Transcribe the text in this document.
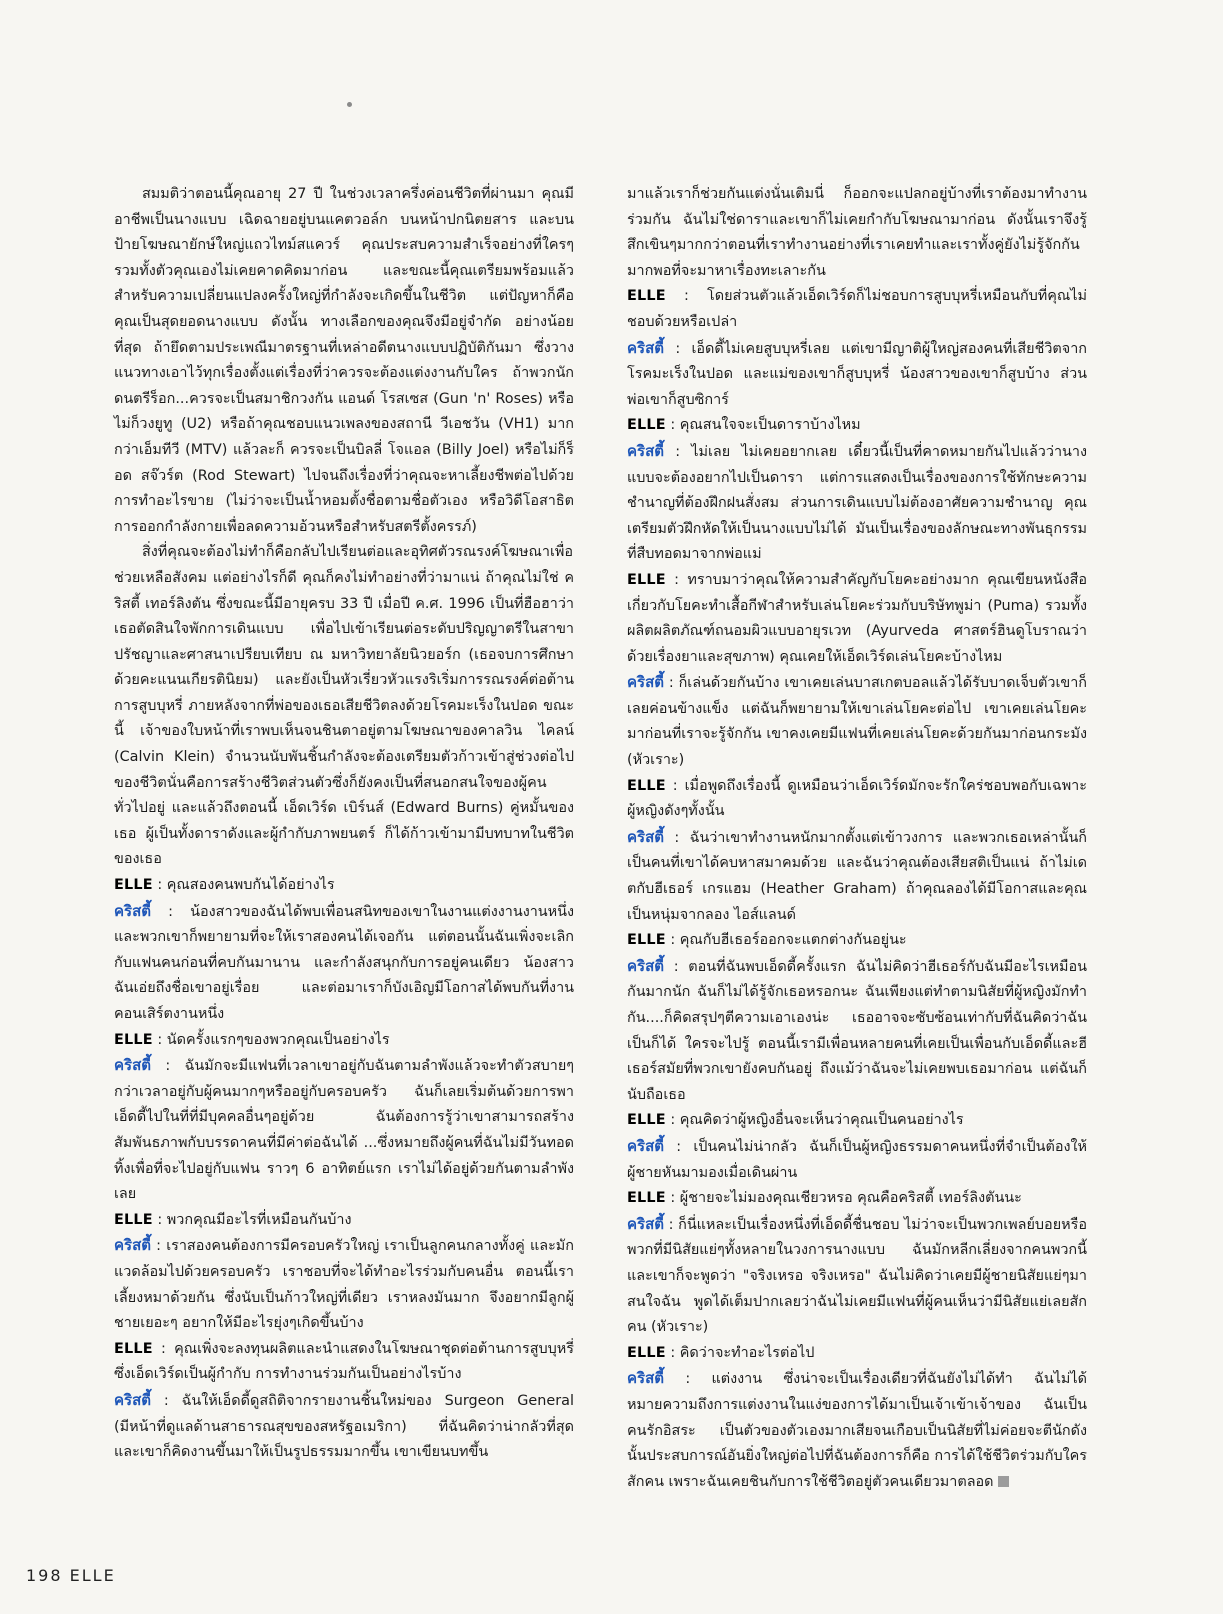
สมมติว่าตอนนี้คุณอายุ 27 ปี ในช่วงเวลาครึ่งค่อนชีวิตที่ผ่านมา คุณมีอาชีพเป็นนางแบบ เฉิดฉายอยู่บนแคตวอล์ก บนหน้าปกนิตยสาร และบนป้ายโฆษณายักษ์ใหญ่แถวไทม์สแควร์ คุณประสบความสำเร็จอย่างที่ใครๆรวมทั้งตัวคุณเองไม่เคยคาดคิดมาก่อน และขณะนี้คุณเตรียมพร้อมแล้วสำหรับความเปลี่ยนแปลงครั้งใหญ่ที่กำลังจะเกิดขึ้นในชีวิต แต่ปัญหาก็คือ คุณเป็นสุดยอดนางแบบ ดังนั้น ทางเลือกของคุณจึงมีอยู่จำกัด อย่างน้อยที่สุด ถ้ายึดตามประเพณีมาตรฐานที่เหล่าอดีตนางแบบปฏิบัติกันมา ซึ่งวางแนวทางเอาไว้ทุกเรื่องตั้งแต่เรื่องที่ว่าควรจะต้องแต่งงานกับใคร ถ้าพวกนักดนตรีร็อก...ควรจะเป็นสมาชิกวงกัน แอนด์ โรสเซส (Gun 'n' Roses) หรือไม่ก็วงยูทู (U2) หรือถ้าคุณชอบแนวเพลงของสถานี วีเอชวัน (VH1) มากกว่าเอ็มทีวี (MTV) แล้วละก็ ควรจะเป็นบิลลี่ โจแอล (Billy Joel) หรือไม่ก็ร็อด สจ๊วร์ต (Rod Stewart) ไปจนถึงเรื่องที่ว่าคุณจะหาเลี้ยงชีพต่อไปด้วยการทำอะไรขาย (ไม่ว่าจะเป็นน้ำหอมตั้งชื่อตามชื่อตัวเอง หรือวิดีโอสาธิตการออกกำลังกายเพื่อลดความอ้วนหรือสำหรับสตรีตั้งครรภ์)

สิ่งที่คุณจะต้องไม่ทำก็คือกลับไปเรียนต่อและอุทิศตัวรณรงค์โฆษณาเพื่อช่วยเหลือสังคม แต่อย่างไรก็ดี คุณก็คงไม่ทำอย่างที่ว่ามาแน่ ถ้าคุณไม่ใช่ คริสตี้ เทอร์ลิงตัน ซึ่งขณะนี้มีอายุครบ 33 ปี เมื่อปี ค.ศ. 1996 เป็นที่ฮือฮาว่าเธอตัดสินใจพักการเดินแบบ เพื่อไปเข้าเรียนต่อระดับปริญญาตรีในสาขาปรัชญาและศาสนาเปรียบเทียบ ณ มหาวิทยาลัยนิวยอร์ก (เธอจบการศึกษาด้วยคะแนนเกียรตินิยม) และยังเป็นหัวเรี่ยวหัวแรงริเริ่มการรณรงค์ต่อต้านการสูบบุหรี่ ภายหลังจากที่พ่อของเธอเสียชีวิตลงด้วยโรคมะเร็งในปอด ขณะนี้ เจ้าของใบหน้าที่เราพบเห็นจนชินตาอยู่ตามโฆษณาของคาลวิน ไคลน์ (Calvin Klein) จำนวนนับพันชิ้นกำลังจะต้องเตรียมตัวก้าวเข้าสู่ช่วงต่อไปของชีวิตนั่นคือการสร้างชีวิตส่วนตัวซึ่งก็ยังคงเป็นที่สนอกสนใจของผู้คนทั่วไปอยู่ และแล้วถึงตอนนี้ เอ็ดเวิร์ด เบิร์นส์ (Edward Burns) คู่หมั้นของเธอ ผู้เป็นทั้งดาราดังและผู้กำกับภาพยนตร์ ก็ได้ก้าวเข้ามามีบทบาทในชีวิตของเธอ

ELLE : คุณสองคนพบกันได้อย่างไร

คริสตี้ : น้องสาวของฉันได้พบเพื่อนสนิทของเขาในงานแต่งงานงานหนึ่ง และพวกเขาก็พยายามที่จะให้เราสองคนได้เจอกัน แต่ตอนนั้นฉันเพิ่งจะเลิกกับแฟนคนก่อนที่คบกันมานาน และกำลังสนุกกับการอยู่คนเดียว น้องสาวฉันเอ่ยถึงชื่อเขาอยู่เรื่อย และต่อมาเราก็บังเอิญมีโอกาสได้พบกันที่งานคอนเสิร์ตงานหนึ่ง

ELLE : นัดครั้งแรกๆของพวกคุณเป็นอย่างไร

คริสตี้ : ฉันมักจะมีแฟนที่เวลาเขาอยู่กับฉันตามลำพังแล้วจะทำตัวสบายๆกว่าเวลาอยู่กับผู้คนมากๆหรืออยู่กับครอบครัว ฉันก็เลยเริ่มต้นด้วยการพาเอ็ดดี้ไปในที่ที่มีบุคคลอื่นๆอยู่ด้วย ฉันต้องการรู้ว่าเขาสามารถสร้างสัมพันธภาพกับบรรดาคนที่มีค่าต่อฉันได้ ...ซึ่งหมายถึงผู้คนที่ฉันไม่มีวันทอดทิ้งเพื่อที่จะไปอยู่กับแฟน ราวๆ 6 อาทิตย์แรก เราไม่ได้อยู่ด้วยกันตามลำพังเลย

ELLE : พวกคุณมีอะไรที่เหมือนกันบ้าง

คริสตี้ : เราสองคนต้องการมีครอบครัวใหญ่ เราเป็นลูกคนกลางทั้งคู่ และมักแวดล้อมไปด้วยครอบครัว เราชอบที่จะได้ทำอะไรร่วมกับคนอื่น ตอนนี้เราเลี้ยงหมาด้วยกัน ซึ่งนับเป็นก้าวใหญ่ที่เดียว เราหลงมันมาก จึงอยากมีลูกผู้ชายเยอะๆ อยากให้มีอะไรยุ่งๆเกิดขึ้นบ้าง

ELLE : คุณเพิ่งจะลงทุนผลิตและนำแสดงในโฆษณาชุดต่อต้านการสูบบุหรี่ซึ่งเอ็ดเวิร์ดเป็นผู้กำกับ การทำงานร่วมกันเป็นอย่างไรบ้าง

คริสตี้ : ฉันให้เอ็ดดี้ดูสถิติจากรายงานชิ้นใหม่ของ Surgeon General (มีหน้าที่ดูแลด้านสาธารณสุขของสหรัฐอเมริกา) ที่ฉันคิดว่าน่ากลัวที่สุด และเขาก็คิดงานขึ้นมาให้เป็นรูปธรรมมากขึ้น เขาเขียนบทขึ้น

มาแล้วเราก็ช่วยกันแต่งนั่นเติมนี่ ก็ออกจะแปลกอยู่บ้างที่เราต้องมาทำงานร่วมกัน ฉันไม่ใช่ดาราและเขาก็ไม่เคยกำกับโฆษณามาก่อน ดังนั้นเราจึงรู้สึกเขินๆมากกว่าตอนที่เราทำงานอย่างที่เราเคยทำและเราทั้งคู่ยังไม่รู้จักกันมากพอที่จะมาหาเรื่องทะเลาะกัน

ELLE : โดยส่วนตัวแล้วเอ็ดเวิร์ดก็ไม่ชอบการสูบบุหรี่เหมือนกับที่คุณไม่ชอบด้วยหรือเปล่า

คริสตี้ : เอ็ดดี้ไม่เคยสูบบุหรี่เลย แต่เขามีญาติผู้ใหญ่สองคนที่เสียชีวิตจากโรคมะเร็งในปอด และแม่ของเขาก็สูบบุหรี่ น้องสาวของเขาก็สูบบ้าง ส่วนพ่อเขาก็สูบซิการ์

ELLE : คุณสนใจจะเป็นดาราบ้างไหม

คริสตี้ : ไม่เลย ไม่เคยอยากเลย เดี๋ยวนี้เป็นที่คาดหมายกันไปแล้วว่านางแบบจะต้องอยากไปเป็นดารา แต่การแสดงเป็นเรื่องของการใช้ทักษะความชำนาญที่ต้องฝึกฝนสั่งสม ส่วนการเดินแบบไม่ต้องอาศัยความชำนาญ คุณเตรียมตัวฝึกหัดให้เป็นนางแบบไม่ได้ มันเป็นเรื่องของลักษณะทางพันธุกรรมที่สืบทอดมาจากพ่อแม่

ELLE : ทราบมาว่าคุณให้ความสำคัญกับโยคะอย่างมาก คุณเขียนหนังสือเกี่ยวกับโยคะทำเสื้อกีฬาสำหรับเล่นโยคะร่วมกับบริษัทพูม่า (Puma) รวมทั้งผลิตผลิตภัณฑ์ถนอมผิวแบบอายุรเวท (Ayurveda ศาสตร์ฮินดูโบราณว่าด้วยเรื่องยาและสุขภาพ) คุณเคยให้เอ็ดเวิร์ดเล่นโยคะบ้างไหม

คริสตี้ : ก็เล่นด้วยกันบ้าง เขาเคยเล่นบาสเกตบอลแล้วได้รับบาดเจ็บตัวเขาก็เลยค่อนข้างแข็ง แต่ฉันก็พยายามให้เขาเล่นโยคะต่อไป เขาเคยเล่นโยคะมาก่อนที่เราจะรู้จักกัน เขาคงเคยมีแฟนที่เคยเล่นโยคะด้วยกันมาก่อนกระมัง (หัวเราะ)

ELLE : เมื่อพูดถึงเรื่องนี้ ดูเหมือนว่าเอ็ดเวิร์ดมักจะรักใคร่ชอบพอกับเฉพาะผู้หญิงดังๆทั้งนั้น

คริสตี้ : ฉันว่าเขาทำงานหนักมากตั้งแต่เข้าวงการ และพวกเธอเหล่านั้นก็เป็นคนที่เขาได้คบหาสมาคมด้วย และฉันว่าคุณต้องเสียสติเป็นแน่ ถ้าไม่เดตกับฮีเธอร์ เกรแฮม (Heather Graham) ถ้าคุณลองได้มีโอกาสและคุณเป็นหนุ่มจากลอง ไอส์แลนด์

ELLE : คุณกับฮีเธอร์ออกจะแตกต่างกันอยู่นะ

คริสตี้ : ตอนที่ฉันพบเอ็ดดี้ครั้งแรก ฉันไม่คิดว่าฮีเธอร์กับฉันมีอะไรเหมือนกันมากนัก ฉันก็ไม่ได้รู้จักเธอหรอกนะ ฉันเพียงแต่ทำตามนิสัยที่ผู้หญิงมักทำกัน....ก็คิดสรุปๆตีความเอาเองน่ะ เธออาจจะซับซ้อนเท่ากับที่ฉันคิดว่าฉันเป็นก็ได้ ใครจะไปรู้ ตอนนี้เรามีเพื่อนหลายคนที่เคยเป็นเพื่อนกับเอ็ดดี้และฮีเธอร์สมัยที่พวกเขายังคบกันอยู่ ถึงแม้ว่าฉันจะไม่เคยพบเธอมาก่อน แต่ฉันก็นับถือเธอ

ELLE : คุณคิดว่าผู้หญิงอื่นจะเห็นว่าคุณเป็นคนอย่างไร

คริสตี้ : เป็นคนไม่น่ากลัว ฉันก็เป็นผู้หญิงธรรมดาคนหนึ่งที่จำเป็นต้องให้ผู้ชายหันมามองเมื่อเดินผ่าน

ELLE : ผู้ชายจะไม่มองคุณเชียวหรอ คุณคือคริสตี้ เทอร์ลิงตันนะ

คริสตี้ : ก็นี่แหละเป็นเรื่องหนึ่งที่เอ็ดดี้ชื่นชอบ ไม่ว่าจะเป็นพวกเพลย์บอยหรือพวกที่มีนิสัยแย่ๆทั้งหลายในวงการนางแบบ ฉันมักหลีกเลี่ยงจากคนพวกนี้ และเขาก็จะพูดว่า "จริงเหรอ จริงเหรอ" ฉันไม่คิดว่าเคยมีผู้ชายนิสัยแย่ๆมาสนใจฉัน พูดได้เต็มปากเลยว่าฉันไม่เคยมีแฟนที่ผู้คนเห็นว่ามีนิสัยแย่เลยสักคน (หัวเราะ)

ELLE : คิดว่าจะทำอะไรต่อไป

คริสตี้ : แต่งงาน ซึ่งน่าจะเป็นเรื่องเดียวที่ฉันยังไม่ได้ทำ ฉันไม่ได้หมายความถึงการแต่งงานในแง่ของการได้มาเป็นเจ้าเข้าเจ้าของ ฉันเป็นคนรักอิสระ เป็นตัวของตัวเองมากเสียจนเกือบเป็นนิสัยที่ไม่ค่อยจะตีนักดังนั้นประสบการณ์อันยิ่งใหญ่ต่อไปที่ฉันต้องการก็คือ การได้ใช้ชีวิตร่วมกับใครสักคน เพราะฉันเคยชินกับการใช้ชีวิตอยู่ตัวคนเดียวมาตลอด

198 ELLE
